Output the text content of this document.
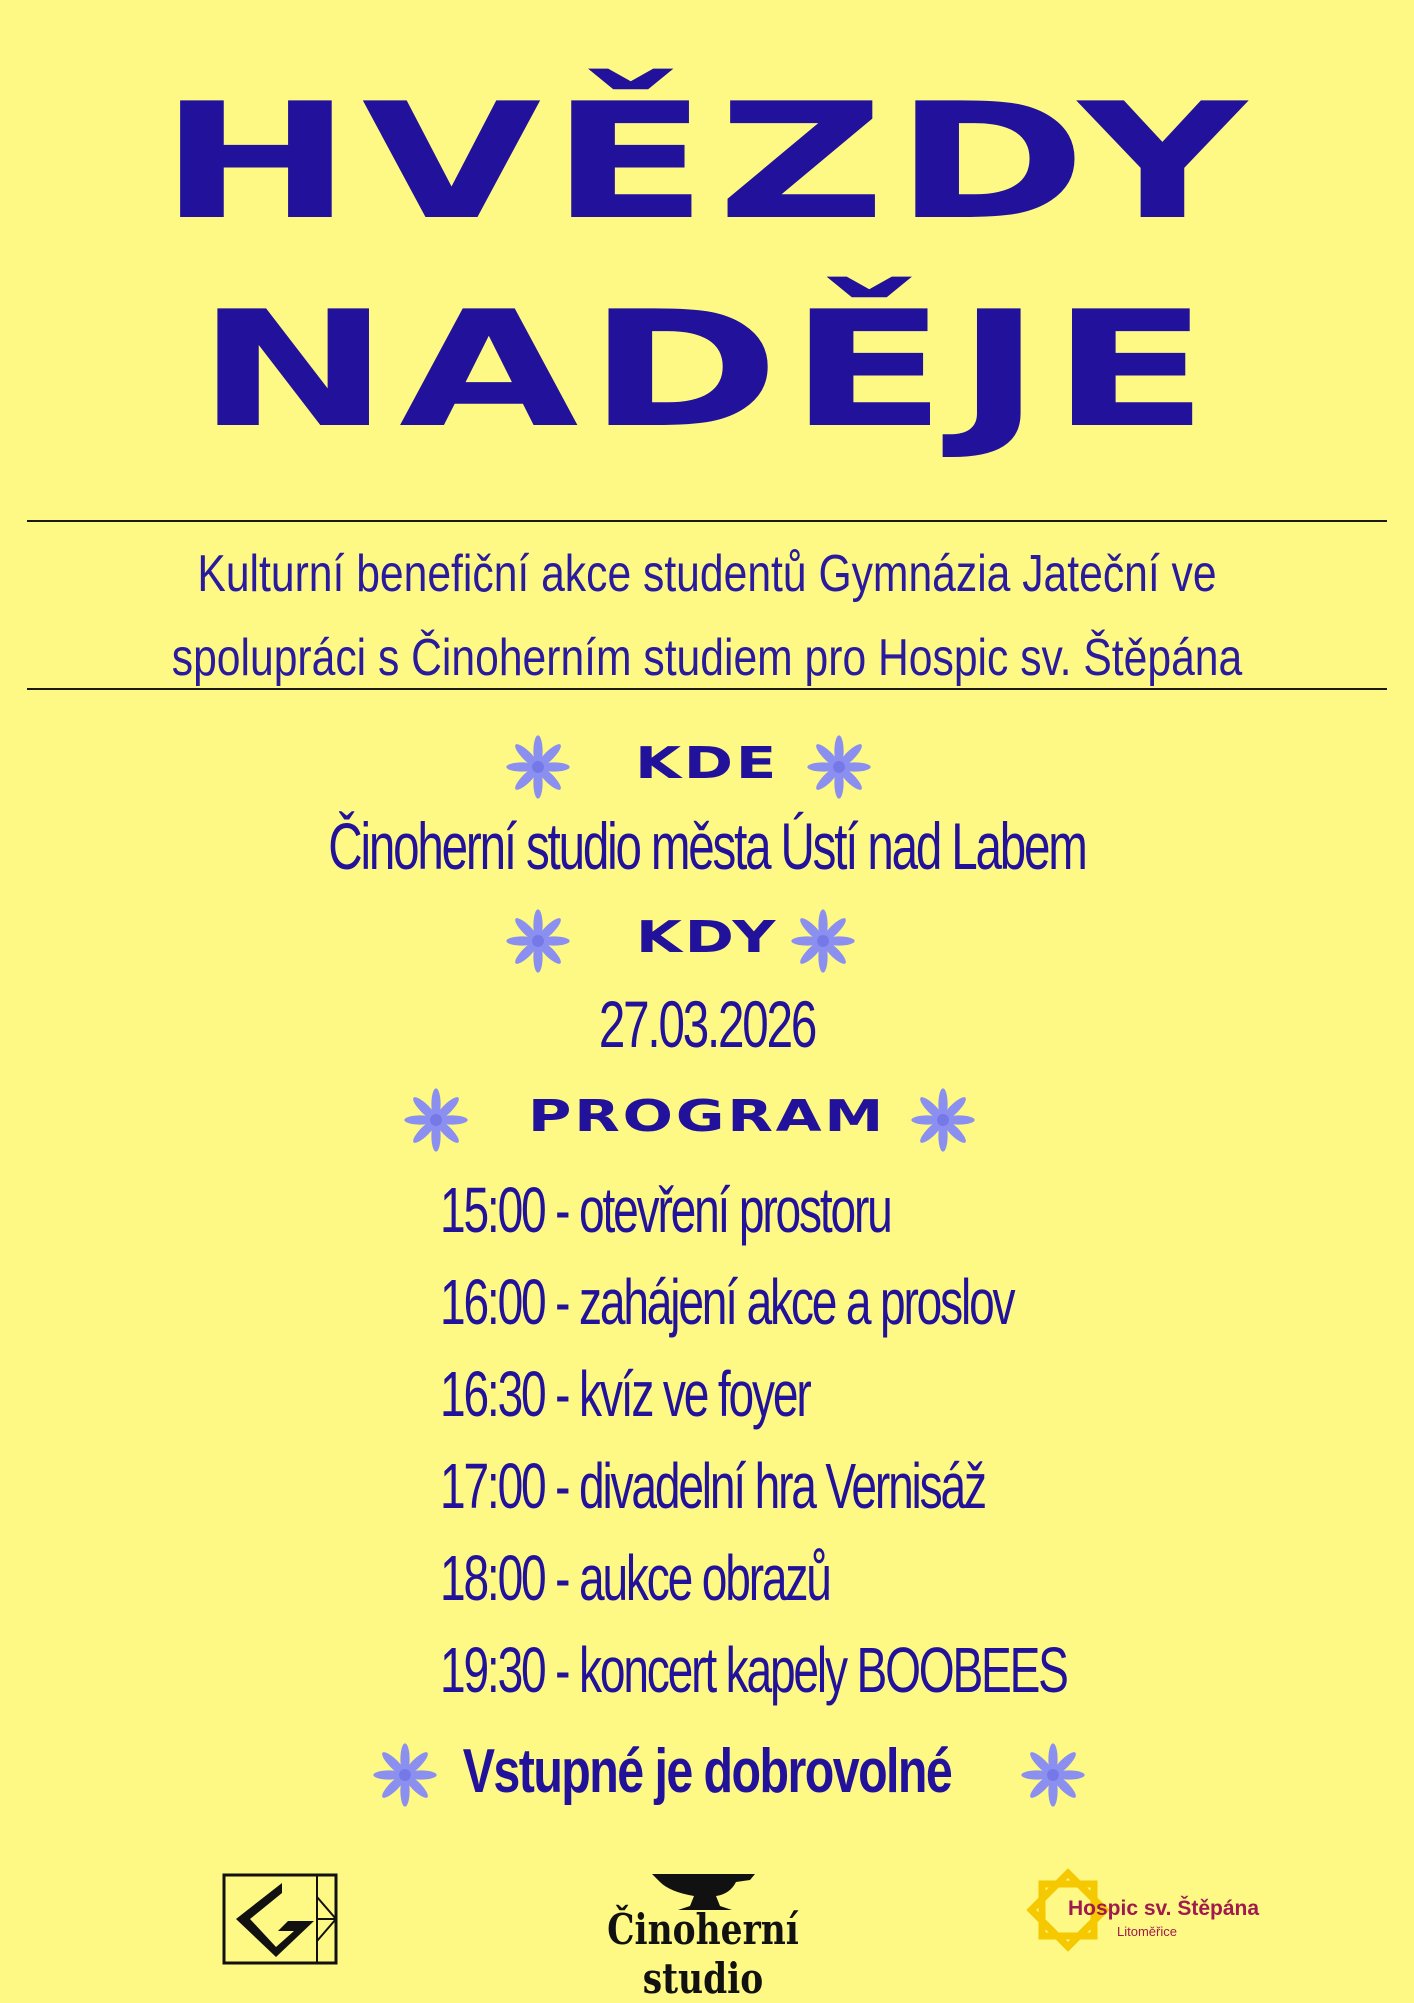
HVĚZDY
NADĚJE
Kulturní benefiční akce studentů Gymnázia Jateční ve
spolupráci s Činoherním studiem pro Hospic sv. Štěpána
KDE
Činoherní studio města Ústí nad Labem
KDY
27.03.2026
PROGRAM
15:00 - otevření prostoru
16:00 - zahájení akce a proslov
16:30 - kvíz ve foyer
17:00 - divadelní hra Vernisáž
18:00 - aukce obrazů
19:30 - koncert kapely BOOBEES
Vstupné je dobrovolné
Činoherní studio
Hospic sv. Štěpána
Litoměřice
